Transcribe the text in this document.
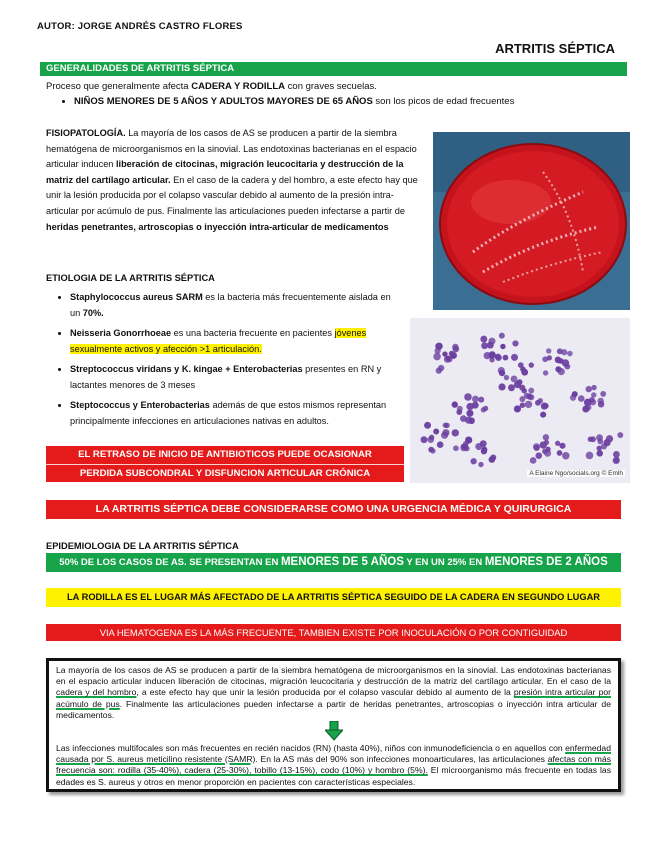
AUTOR: JORGE ANDRÉS CASTRO FLORES
ARTRITIS SÉPTICA
GENERALIDADES DE ARTRITIS SÉPTICA
Proceso que generalmente afecta CADERA Y RODILLA con graves secuelas.
• NIÑOS MENORES DE 5 AÑOS Y ADULTOS MAYORES DE 65 AÑOS son los picos de edad frecuentes
FISIOPATOLOGÍA. La mayoría de los casos de AS se producen a partir de la siembra hematógena de microorganismos en la sinovial. Las endotoxinas bacterianas en el espacio articular inducen liberación de citocinas, migración leucocitaria y destrucción de la matriz del cartílago articular. En el caso de la cadera y del hombro, a este efecto hay que unir la lesión producida por el colapso vascular debido al aumento de la presión intra-articular por acúmulo de pus. Finalmente las articulaciones pueden infectarse a partir de heridas penetrantes, artroscopias o inyección intra-articular de medicamentos
ETIOLOGIA DE LA ARTRITIS SÉPTICA
• Staphylococcus aureus SARM es la bacteria más frecuentemente aislada en un 70%.
• Neisseria Gonorrhoeae es una bacteria frecuente en pacientes jóvenes sexualmente activos y afección >1 articulación.
• Streptococcus viridans y K. kingae + Enterobacterias presentes en RN y lactantes menores de 3 meses
• Steptococcus y Enterobacterias además de que estos mismos representan principalmente infecciones en articulaciones nativas en adultos.
A Elaine Ngo/socials.org © Emlh
EL RETRASO DE INICIO DE ANTIBIOTICOS PUEDE OCASIONAR
PERDIDA SUBCONDRAL Y DISFUNCION ARTICULAR CRÓNICA
LA ARTRITIS SÉPTICA DEBE CONSIDERARSE COMO UNA URGENCIA MÉDICA Y QUIRURGICA
EPIDEMIOLOGIA DE LA ARTRITIS SÉPTICA
50% DE LOS CASOS DE AS. SE PRESENTAN EN MENORES DE 5 AÑOS Y EN UN 25% EN MENORES DE 2 AÑOS
LA RODILLA ES EL LUGAR MÁS AFECTADO DE LA ARTRITIS SÉPTICA SEGUIDO DE LA CADERA EN SEGUNDO LUGAR
VIA HEMATOGENA ES LA MÁS FRECUENTE, TAMBIEN EXISTE POR INOCULACIÓN O POR CONTIGUIDAD

La mayoría de los casos de AS se producen a partir de la siembra hematógena de microorganismos en la sinovial. Las endotoxinas bacterianas en el espacio articular inducen liberación de citocinas, migración leucocitaria y destrucción de la matriz del cartílago articular. En el caso de la cadera y del hombro, a este efecto hay que unir la lesión producida por el colapso vascular debido al aumento de la presión intra articular por acúmulo de pus. Finalmente las articulaciones pueden infectarse a partir de heridas penetrantes, artroscopias o inyección intra articular de medicamentos.

Las infecciones multifocales son más frecuentes en recién nacidos (RN) (hasta 40%), niños con inmunodeficiencia o en aquellos con enfermedad causada por S. aureus meticilino resistente (SAMR). En la AS más del 90% son infecciones monoarticulares, las articulaciones afectas con más frecuencia son: rodilla (35-40%), cadera (25-30%), tobillo (13-15%), codo (10%) y hombro (5%). El microorganismo más frecuente en todas las edades es S. aureus y otros en menor proporción en pacientes con características especiales.
